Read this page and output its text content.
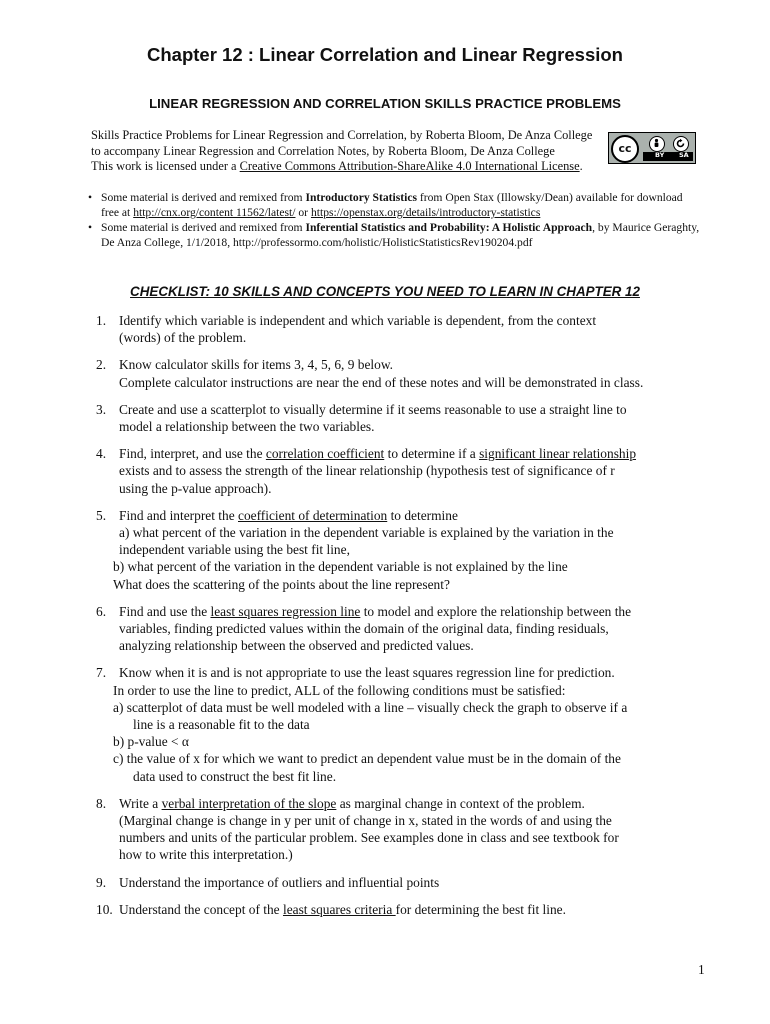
Chapter 12 : Linear Correlation and Linear Regression
LINEAR REGRESSION AND CORRELATION SKILLS PRACTICE PROBLEMS
Skills Practice Problems for Linear Regression and Correlation, by Roberta Bloom, De Anza College
to accompany Linear Regression and Correlation Notes, by Roberta Bloom, De Anza College
This work is licensed under a Creative Commons Attribution-ShareAlike 4.0 International License.
cc	BY SA
• Some material is derived and remixed from Introductory Statistics from Open Stax (Illowsky/Dean) available for download
free at http://cnx.org/content 11562/latest/ or https://openstax.org/details/introductory-statistics
• Some material is derived and remixed from Inferential Statistics and Probability: A Holistic Approach, by Maurice Geraghty,
De Anza College, 1/1/2018, http://professormo.com/holistic/HolisticStatisticsRev190204.pdf
CHECKLIST: 10 SKILLS AND CONCEPTS YOU NEED TO LEARN IN CHAPTER 12
1. Identify which variable is independent and which variable is dependent, from the context
(words) of the problem.
2. Know calculator skills for items 3, 4, 5, 6, 9 below.
Complete calculator instructions are near the end of these notes and will be demonstrated in class.
3. Create and use a scatterplot to visually determine if it seems reasonable to use a straight line to
model a relationship between the two variables.
4. Find, interpret, and use the correlation coefficient to determine if a significant linear relationship
exists and to assess the strength of the linear relationship (hypothesis test of significance of r
using the p-value approach).
5. Find and interpret the coefficient of determination to determine
a) what percent of the variation in the dependent variable is explained by the variation in the
independent variable using the best fit line,
b) what percent of the variation in the dependent variable is not explained by the line
What does the scattering of the points about the line represent?
6. Find and use the least squares regression line to model and explore the relationship between the
variables, finding predicted values within the domain of the original data, finding residuals,
analyzing relationship between the observed and predicted values.
7. Know when it is and is not appropriate to use the least squares regression line for prediction.
In order to use the line to predict, ALL of the following conditions must be satisfied:
a) scatterplot of data must be well modeled with a line – visually check the graph to observe if a
line is a reasonable fit to the data
b) p-value < α
c) the value of x for which we want to predict an dependent value must be in the domain of the
data used to construct the best fit line.
8. Write a verbal interpretation of the slope as marginal change in context of the problem.
(Marginal change is change in y per unit of change in x, stated in the words of and using the
numbers and units of the particular problem. See examples done in class and see textbook for
how to write this interpretation.)
9. Understand the importance of outliers and influential points
10. Understand the concept of the least squares criteria for determining the best fit line.
1
